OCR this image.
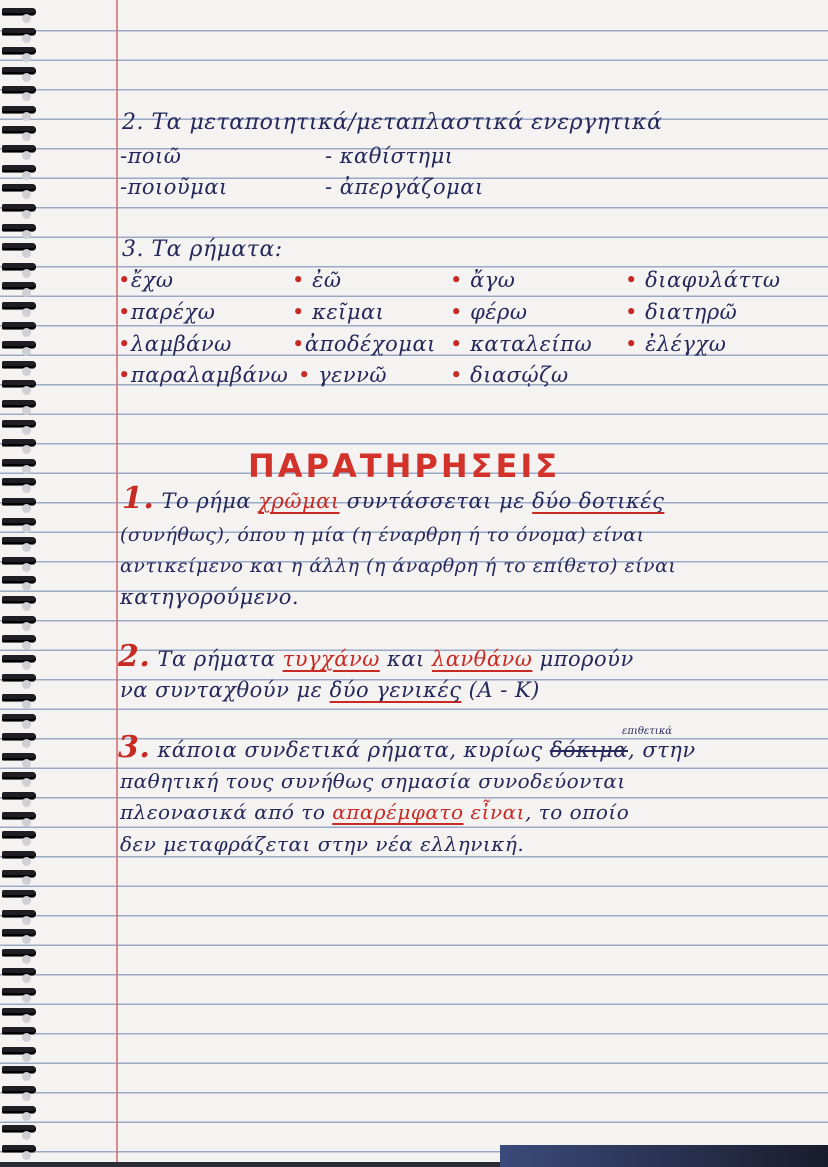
2. Τα μεταποιητικά/μεταπλαστικά ενεργητικά
-ποιῶ	- καθίστημι
-ποιοῦμαι	- ἀπεργάζομαι
3. Τα ρήματα:
•ἔχω
•παρέχω
•λαμβάνω
•παραλαμβάνω
• ἐῶ
• κεῖμαι
•ἀποδέχομαι
• γεννῶ
• ἄγω
• φέρω
• καταλείπω
• διασῴζω
• διαφυλάττω
• διατηρῶ
• ἐλέγχω
ΠΑΡΑΤΗΡΗΣΕΙΣ
1. Το ρήμα χρῶμαι συντάσσεται με δύο δοτικές
(συνήθως), όπου η μία (η έναρθρη ή το όνομα) είναι
αντικείμενο και η άλλη (η άναρθρη ή το επίθετο) είναι
κατηγορούμενο.
2. Τα ρήματα τυγχάνω και λανθάνω μπορούν
να συνταχθούν με δύο γενικές (Α - Κ)
επιθετικά
3. κάποια συνδετικά ρήματα, κυρίως δόκιμα, στην
παθητική τους συνήθως σημασία συνοδεύονται
πλεονασικά από το απαρέμφατο εἶναι, το οποίο
δεν μεταφράζεται στην νέα ελληνική.
